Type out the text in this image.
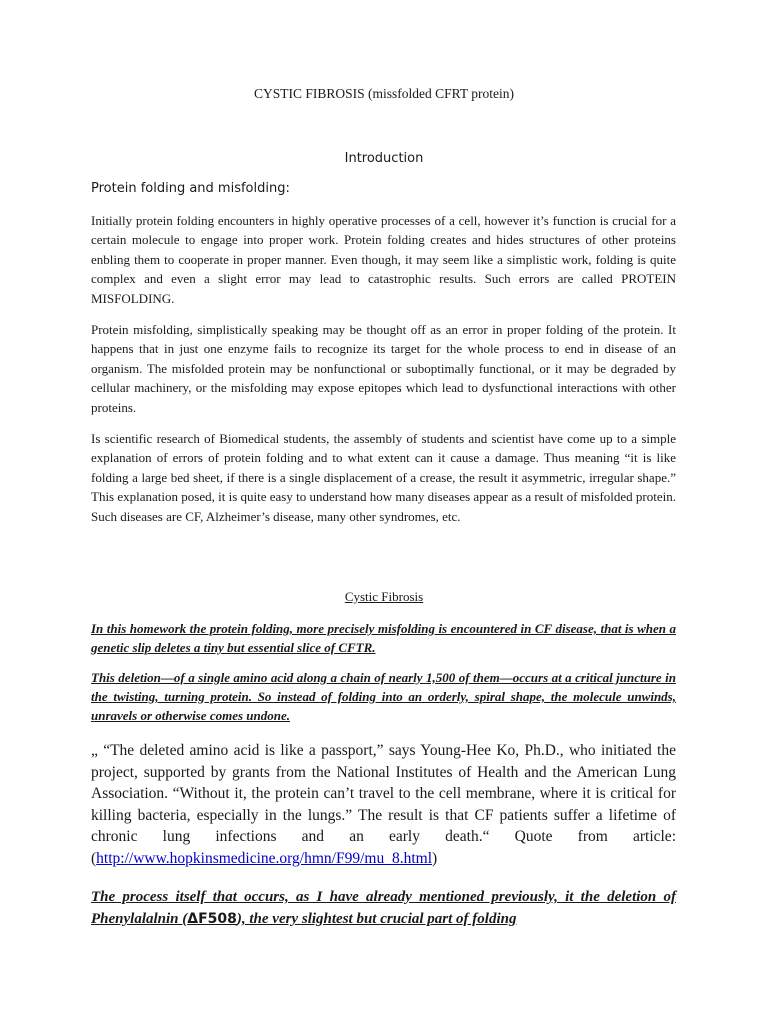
CYSTIC FIBROSIS (missfolded CFRT protein)
Introduction
Protein folding and misfolding:

Initially protein folding encounters in highly operative processes of a cell, however it’s function is crucial for a certain molecule to engage into proper work. Protein folding creates and hides structures of other proteins enbling them to cooperate in proper manner. Even though, it may seem like a simplistic work, folding is quite complex and even a slight error may lead to catastrophic results. Such errors are called PROTEIN MISFOLDING.

Protein misfolding, simplistically speaking may be thought off as an error in proper folding of the protein. It happens that in just one enzyme fails to recognize its target for the whole process to end in disease of an organism. The misfolded protein may be nonfunctional or suboptimally functional, or it may be degraded by cellular machinery, or the misfolding may expose epitopes which lead to dysfunctional interactions with other proteins.

Is scientific research of Biomedical students, the assembly of students and scientist have come up to a simple explanation of errors of protein folding and to what extent can it cause a damage. Thus meaning “it is like folding a large bed sheet, if there is a single displacement of a crease, the result it asymmetric, irregular shape.” This explanation posed, it is quite easy to understand how many diseases appear as a result of misfolded protein. Such diseases are CF, Alzheimer’s disease, many other syndromes, etc.

Cystic Fibrosis

In this homework the protein folding, more precisely misfolding is encountered in CF disease, that is when a genetic slip deletes a tiny but essential slice of CFTR.

This deletion—of a single amino acid along a chain of nearly 1,500 of them—occurs at a critical juncture in the twisting, turning protein. So instead of folding into an orderly, spiral shape, the molecule unwinds, unravels or otherwise comes undone.

„ “The deleted amino acid is like a passport,” says Young-Hee Ko, Ph.D., who initiated the project, supported by grants from the National Institutes of Health and the American Lung Association. “Without it, the protein can’t travel to the cell membrane, where it is critical for killing bacteria, especially in the lungs.” The result is that CF patients suffer a lifetime of chronic lung infections and an early death.“ Quote from article: (http://www.hopkinsmedicine.org/hmn/F99/mu_8.html)

The process itself that occurs, as I have already mentioned previously, it the deletion of Phenylalalnin (ΔF508), the very slightest but crucial part of folding
